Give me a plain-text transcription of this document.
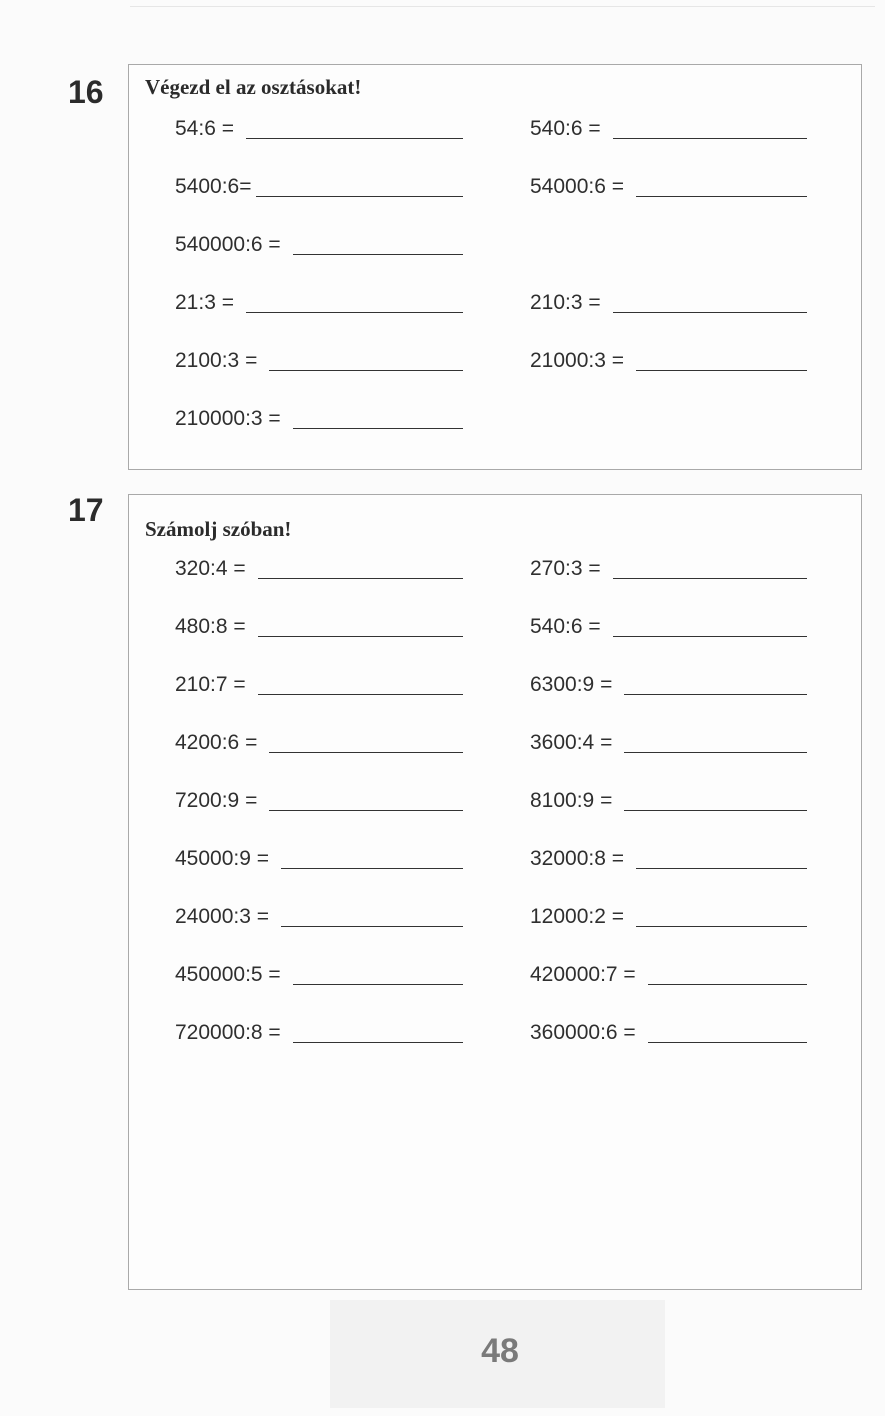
16	Végezd el az osztásokat!
54:6 =	540:6 =
5400:6=	54000:6 =
540000:6 =
21:3 =	210:3 =
2100:3 =	21000:3 =
210000:3 =
17
Számolj szóban!
320:4 =	270:3 =
480:8 =	540:6 =
210:7 =	6300:9 =
4200:6 =	3600:4 =
7200:9 =	8100:9 =
45000:9 =	32000:8 =
24000:3 =	12000:2 =
450000:5 =	420000:7 =
720000:8 =	360000:6 =
48
